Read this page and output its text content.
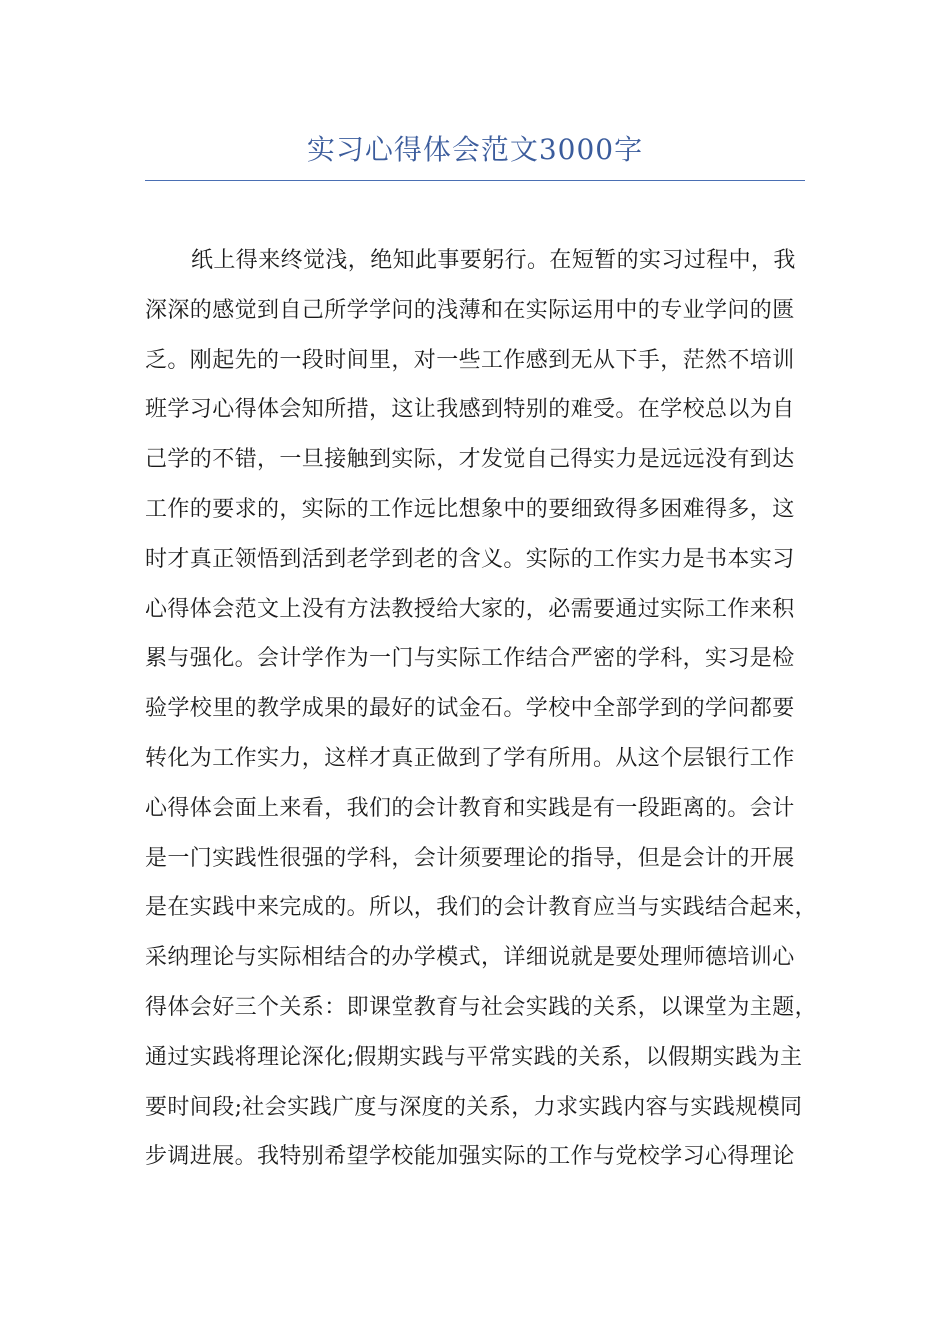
实习心得体会范文3000字
纸上得来终觉浅，绝知此事要躬行。在短暂的实习过程中，我
深深的感觉到自己所学学问的浅薄和在实际运用中的专业学问的匮
乏。刚起先的一段时间里，对一些工作感到无从下手，茫然不培训
班学习心得体会知所措，这让我感到特别的难受。在学校总以为自
己学的不错，一旦接触到实际，才发觉自己得实力是远远没有到达
工作的要求的，实际的工作远比想象中的要细致得多困难得多，这
时才真正领悟到活到老学到老的含义。实际的工作实力是书本实习
心得体会范文上没有方法教授给大家的，必需要通过实际工作来积
累与强化。会计学作为一门与实际工作结合严密的学科，实习是检
验学校里的教学成果的最好的试金石。学校中全部学到的学问都要
转化为工作实力，这样才真正做到了学有所用。从这个层银行工作
心得体会面上来看，我们的会计教育和实践是有一段距离的。会计
是一门实践性很强的学科，会计须要理论的指导，但是会计的开展
是在实践中来完成的。所以，我们的会计教育应当与实践结合起来，
采纳理论与实际相结合的办学模式，详细说就是要处理师德培训心
得体会好三个关系：即课堂教育与社会实践的关系，以课堂为主题，
通过实践将理论深化;假期实践与平常实践的关系，以假期实践为主
要时间段;社会实践广度与深度的关系，力求实践内容与实践规模同
步调进展。我特别希望学校能加强实际的工作与党校学习心得理论
